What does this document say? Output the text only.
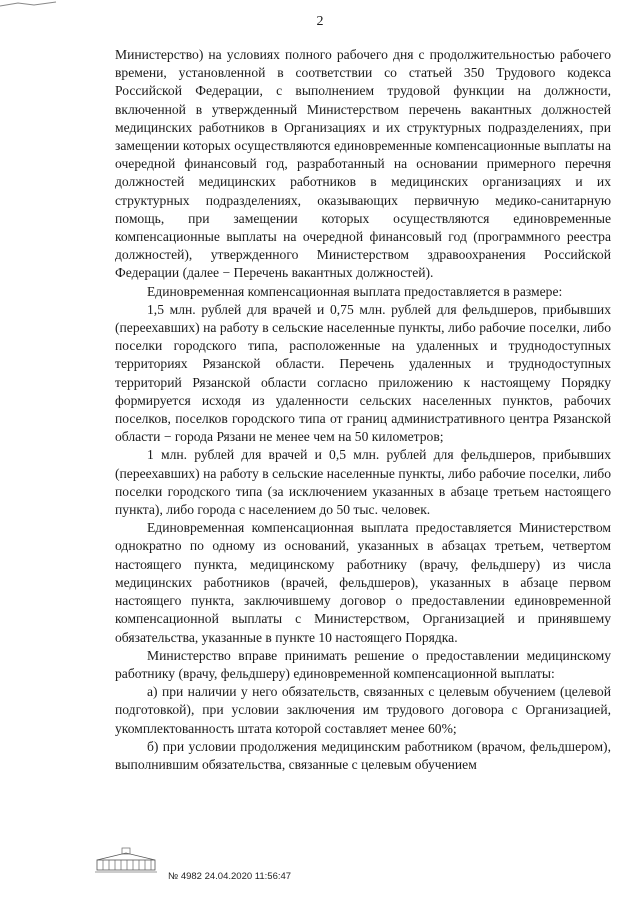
2

Министерство) на условиях полного рабочего дня с продолжительностью рабочего времени, установленной в соответствии со статьей 350 Трудового кодекса Российской Федерации, с выполнением трудовой функции на должности, включенной в утвержденный Министерством перечень вакантных должностей медицинских работников в Организациях и их структурных подразделениях, при замещении которых осуществляются единовременные компенсационные выплаты на очередной финансовый год, разработанный на основании примерного перечня должностей медицинских работников в медицинских организациях и их структурных подразделениях, оказывающих первичную медико-санитарную помощь, при замещении которых осуществляются единовременные компенсационные выплаты на очередной финансовый год (программного реестра должностей), утвержденного Министерством здравоохранения Российской Федерации (далее − Перечень вакантных должностей).

Единовременная компенсационная выплата предоставляется в размере:

1,5 млн. рублей для врачей и 0,75 млн. рублей для фельдшеров, прибывших (переехавших) на работу в сельские населенные пункты, либо рабочие поселки, либо поселки городского типа, расположенные на удаленных и труднодоступных территориях Рязанской области. Перечень удаленных и труднодоступных территорий Рязанской области согласно приложению к настоящему Порядку формируется исходя из удаленности сельских населенных пунктов, рабочих поселков, поселков городского типа от границ административного центра Рязанской области − города Рязани не менее чем на 50 километров;

1 млн. рублей для врачей и 0,5 млн. рублей для фельдшеров, прибывших (переехавших) на работу в сельские населенные пункты, либо рабочие поселки, либо поселки городского типа (за исключением указанных в абзаце третьем настоящего пункта), либо города с населением до 50 тыс. человек.

Единовременная компенсационная выплата предоставляется Министерством однократно по одному из оснований, указанных в абзацах третьем, четвертом настоящего пункта, медицинскому работнику (врачу, фельдшеру) из числа медицинских работников (врачей, фельдшеров), указанных в абзаце первом настоящего пункта, заключившему договор о предоставлении единовременной компенсационной выплаты с Министерством, Организацией и принявшему обязательства, указанные в пункте 10 настоящего Порядка.

Министерство вправе принимать решение о предоставлении медицинскому работнику (врачу, фельдшеру) единовременной компенсационной выплаты:

а) при наличии у него обязательств, связанных с целевым обучением (целевой подготовкой), при условии заключения им трудового договора с Организацией, укомплектованность штата которой составляет менее 60%;

б) при условии продолжения медицинским работником (врачом, фельдшером), выполнившим обязательства, связанные с целевым обучением

№ 4982 24.04.2020 11:56:47
